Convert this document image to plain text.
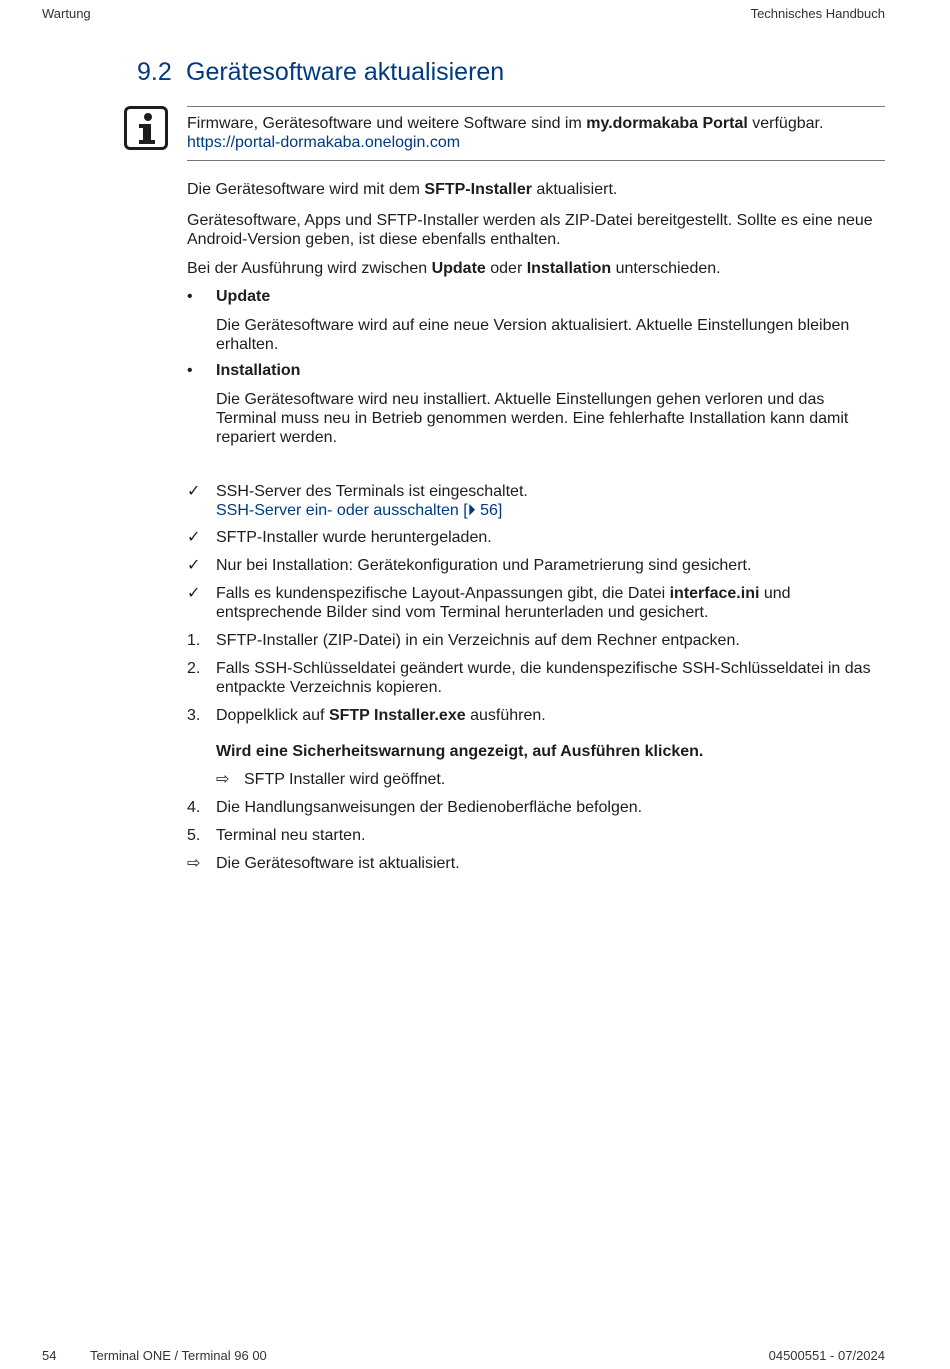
Wartung	Technisches Handbuch
9.2 Gerätesoftware aktualisieren
Firmware, Gerätesoftware und weitere Software sind im my.dormakaba Portal verfügbar.
https://portal-dormakaba.onelogin.com

Die Gerätesoftware wird mit dem SFTP-Installer aktualisiert.

Gerätesoftware, Apps und SFTP-Installer werden als ZIP-Datei bereitgestellt. Sollte es eine neue Android-Version geben, ist diese ebenfalls enthalten.

Bei der Ausführung wird zwischen Update oder Installation unterschieden.

•	Update

Die Gerätesoftware wird auf eine neue Version aktualisiert. Aktuelle Einstellungen bleiben erhalten.

•	Installation

Die Gerätesoftware wird neu installiert. Aktuelle Einstellungen gehen verloren und das Terminal muss neu in Betrieb genommen werden. Eine fehlerhafte Installation kann damit repariert werden.

✓ SSH-Server des Terminals ist eingeschaltet.
SSH-Server ein- oder ausschalten [⏵ 56]

✓ SFTP-Installer wurde heruntergeladen.

✓ Nur bei Installation: Gerätekonfiguration und Parametrierung sind gesichert.

✓ Falls es kundenspezifische Layout-Anpassungen gibt, die Datei interface.ini und entsprechende Bilder sind vom Terminal herunterladen und gesichert.

1. SFTP-Installer (ZIP-Datei) in ein Verzeichnis auf dem Rechner entpacken.

2. Falls SSH-Schlüsseldatei geändert wurde, die kundenspezifische SSH-Schlüsseldatei in das entpackte Verzeichnis kopieren.

3. Doppelklick auf SFTP Installer.exe ausführen.

Wird eine Sicherheitswarnung angezeigt, auf Ausführen klicken.

⇨ SFTP Installer wird geöffnet.

4. Die Handlungsanweisungen der Bedienoberfläche befolgen.

5. Terminal neu starten.

⇨ Die Gerätesoftware ist aktualisiert.

54	Terminal ONE / Terminal 96 00	04500551 - 07/2024
